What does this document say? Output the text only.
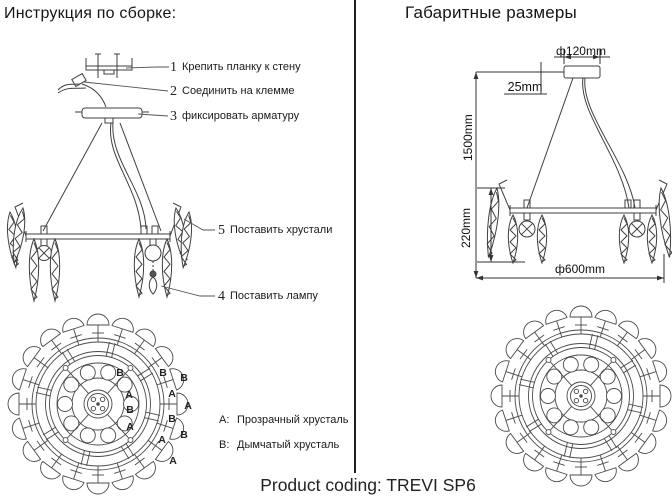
Инструкция по сборке:	Габаритные размеры
1 Крепить планку к стену
2 Соединить на клемме
3 фиксировать арматуру
5 Поставить хрустали
4 Поставить лампу
ф120mm
25mm
1500mm
220mm
ф600mm
B	B B
A	A
A
B
B
A
B
A
A
A: Прозрачный хрусталь
B: Дымчатый хрусталь
Product coding: TREVI SP6
